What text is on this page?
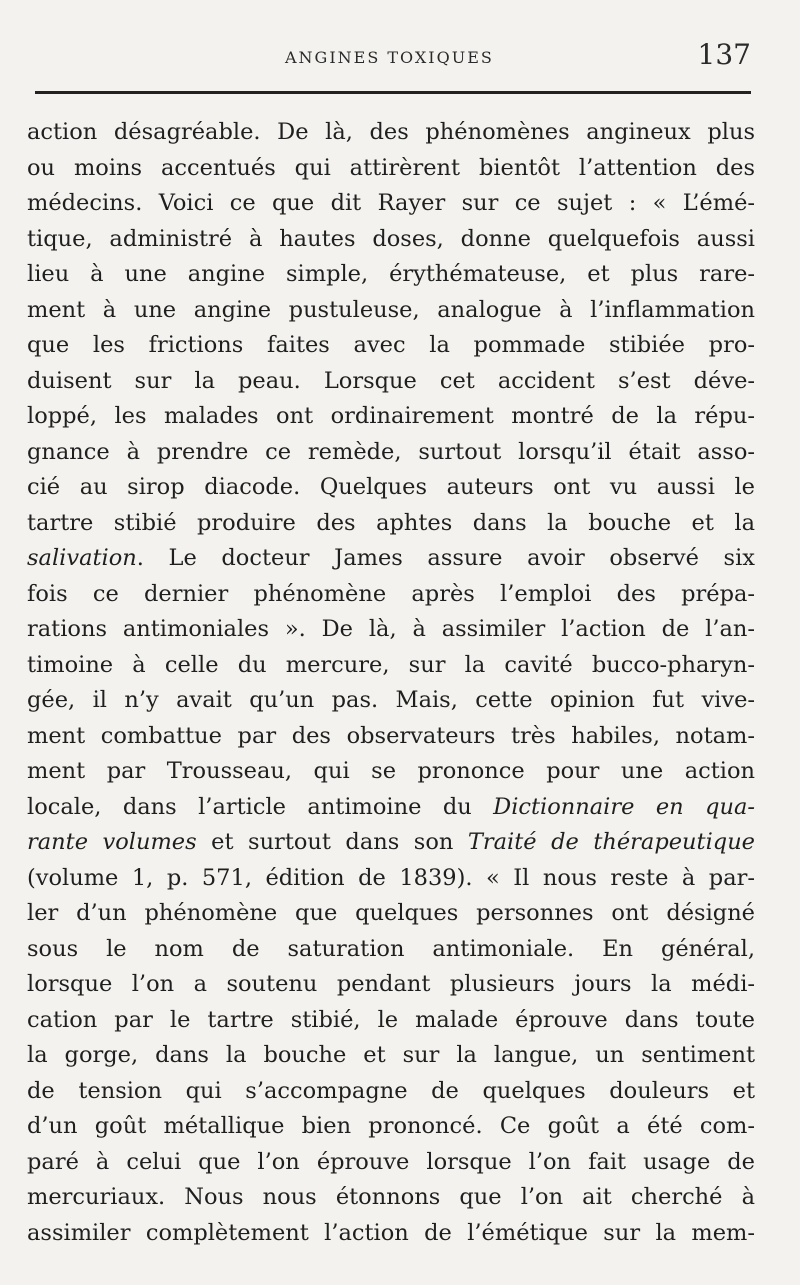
ANGINES TOXIQUES	137
action désagréable. De là, des phénomènes angineux plus
ou moins accentués qui attirèrent bientôt l’attention des
médecins. Voici ce que dit Rayer sur ce sujet : « L’émé-
tique, administré à hautes doses, donne quelquefois aussi
lieu à une angine simple, érythémateuse, et plus rare-
ment à une angine pustuleuse, analogue à l’inflammation
que les frictions faites avec la pommade stibiée pro-
duisent sur la peau. Lorsque cet accident s’est déve-
loppé, les malades ont ordinairement montré de la répu-
gnance à prendre ce remède, surtout lorsqu’il était asso-
cié au sirop diacode. Quelques auteurs ont vu aussi le
tartre stibié produire des aphtes dans la bouche et la
salivation. Le docteur James assure avoir observé six
fois ce dernier phénomène après l’emploi des prépa-
rations antimoniales ». De là, à assimiler l’action de l’an-
timoine à celle du mercure, sur la cavité bucco-pharyn-
gée, il n’y avait qu’un pas. Mais, cette opinion fut vive-
ment combattue par des observateurs très habiles, notam-
ment par Trousseau, qui se prononce pour une action
locale, dans l’article antimoine du Dictionnaire en qua-
rante volumes et surtout dans son Traité de thérapeutique
(volume 1, p. 571, édition de 1839). « Il nous reste à par-
ler d’un phénomène que quelques personnes ont désigné
sous le nom de saturation antimoniale. En général,
lorsque l’on a soutenu pendant plusieurs jours la médi-
cation par le tartre stibié, le malade éprouve dans toute
la gorge, dans la bouche et sur la langue, un sentiment
de tension qui s’accompagne de quelques douleurs et
d’un goût métallique bien prononcé. Ce goût a été com-
paré à celui que l’on éprouve lorsque l’on fait usage de
mercuriaux. Nous nous étonnons que l’on ait cherché à
assimiler complètement l’action de l’émétique sur la mem-
